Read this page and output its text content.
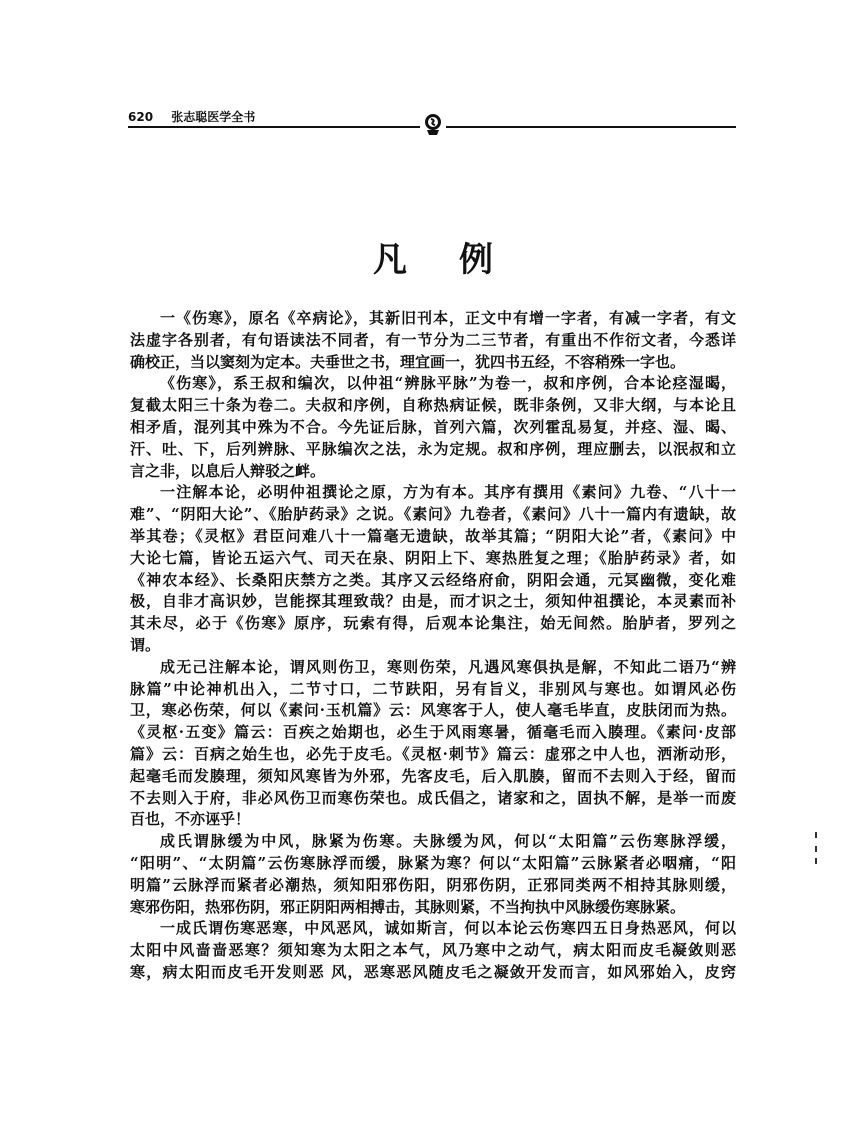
620 张志聪医学全书
凡例
一《伤寒》，原名《卒病论》，其新旧刊本，正文中有增一字者，有减一字者，有文
法虚字各别者，有句语读法不同者，有一节分为二三节者，有重出不作衍文者，今悉详
确校正，当以窦刻为定本。夫垂世之书，理宜画一，犹四书五经，不容稍殊一字也。
《伤寒》，系王叔和编次，以仲祖“辨脉平脉”为卷一，叔和序例，合本论痉湿暍，
复截太阳三十条为卷二。夫叔和序例，自称热病证候，既非条例，又非大纲，与本论且
相矛盾，混列其中殊为不合。今先证后脉，首列六篇，次列霍乱易复，并痉、湿、暍、
汗、吐、下，后列辨脉、平脉编次之法，永为定规。叔和序例，理应删去，以泯叔和立
言之非，以息后人辩驳之衅。
一注解本论，必明仲祖撰论之原，方为有本。其序有撰用《素问》九卷、“八十一
难”、“阴阳大论”、《胎胪药录》之说。《素问》九卷者，《素问》八十一篇内有遗缺，故
举其卷；《灵枢》君臣问难八十一篇毫无遗缺，故举其篇；“阴阳大论”者，《素问》中
大论七篇，皆论五运六气、司天在泉、阴阳上下、寒热胜复之理；《胎胪药录》者，如
《神农本经》、长桑阳庆禁方之类。其序又云经络府俞，阴阳会通，元冥幽微，变化难
极，自非才高识妙，岂能探其理致哉？由是，而才识之士，须知仲祖撰论，本灵素而补
其未尽，必于《伤寒》原序，玩索有得，后观本论集注，始无间然。胎胪者，罗列之
谓。
成无己注解本论，谓风则伤卫，寒则伤荣，凡遇风寒俱执是解，不知此二语乃“辨
脉篇”中论神机出入，二节寸口，二节趺阳，另有旨义，非别风与寒也。如谓风必伤
卫，寒必伤荣，何以《素问·玉机篇》云：风寒客于人，使人毫毛毕直，皮肤闭而为热。
《灵枢·五变》篇云：百疾之始期也，必生于风雨寒暑，循毫毛而入腠理。《素问·皮部
篇》云：百病之始生也，必先于皮毛。《灵枢·刺节》篇云：虚邪之中人也，洒淅动形，
起毫毛而发腠理，须知风寒皆为外邪，先客皮毛，后入肌腠，留而不去则入于经，留而
不去则入于府，非必风伤卫而寒伤荣也。成氏倡之，诸家和之，固执不解，是举一而废
百也，不亦诬乎！
成氏谓脉缓为中风，脉紧为伤寒。夫脉缓为风，何以“太阳篇”云伤寒脉浮缓，
“阳明”、“太阴篇”云伤寒脉浮而缓，脉紧为寒？何以“太阳篇”云脉紧者必咽痛，“阳
明篇”云脉浮而紧者必潮热，须知阳邪伤阳，阴邪伤阴，正邪同类两不相持其脉则缓，
寒邪伤阳，热邪伤阴，邪正阴阳两相搏击，其脉则紧，不当拘执中风脉缓伤寒脉紧。
一成氏谓伤寒恶寒，中风恶风，诚如斯言，何以本论云伤寒四五日身热恶风，何以
太阳中风啬啬恶寒？须知寒为太阳之本气，风乃寒中之动气，病太阳而皮毛凝敛则恶
寒，病太阳而皮毛开发则恶 风，恶寒恶风随皮毛之凝敛开发而言，如风邪始入，皮窍
